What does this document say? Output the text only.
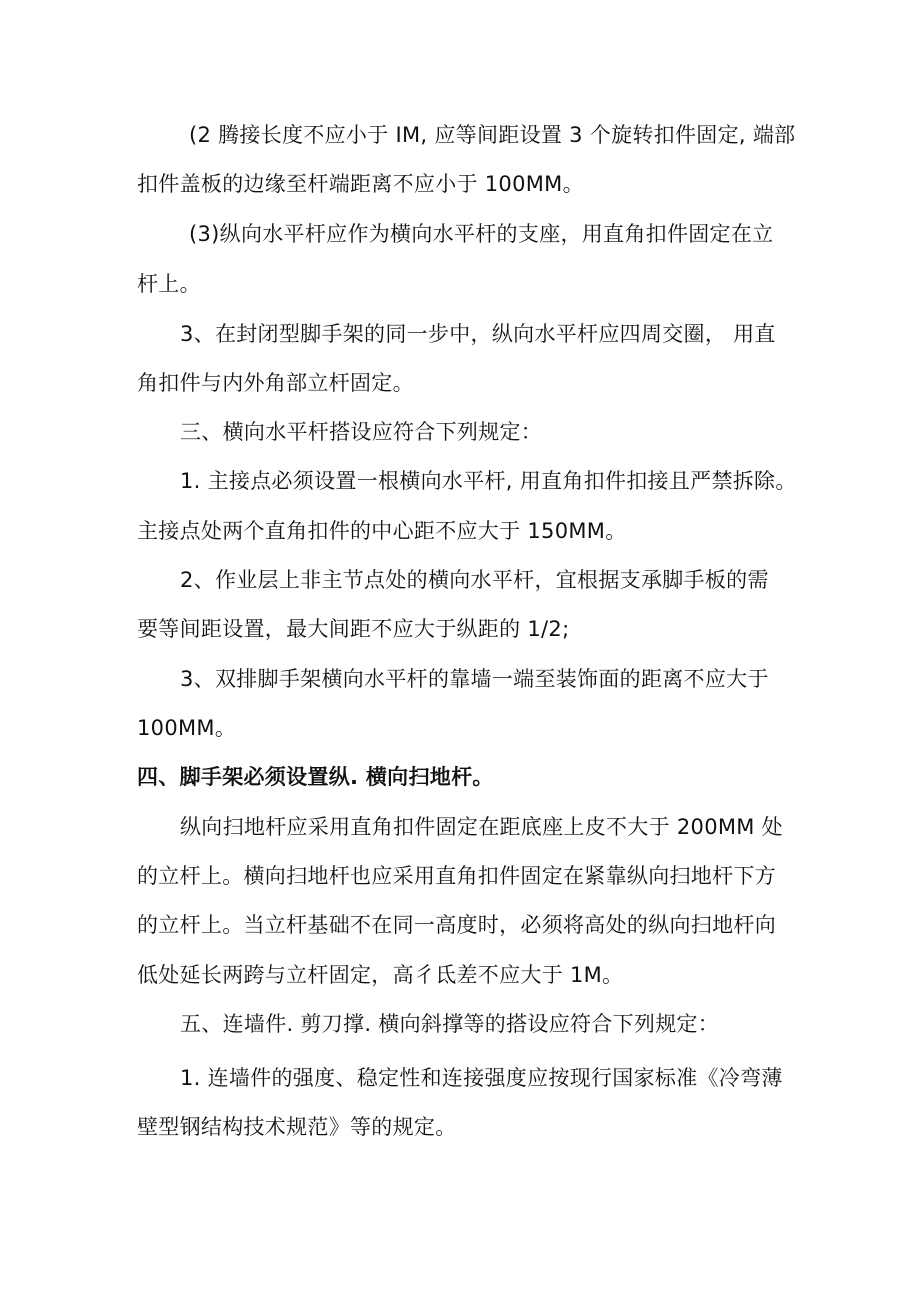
(2 腾接长度不应小于 IM, 应等间距设置 3 个旋转扣件固定, 端部
扣件盖板的边缘至杆端距离不应小于 100MM。
(3)纵向水平杆应作为横向水平杆的支座，用直角扣件固定在立
杆上。
3、在封闭型脚手架的同一步中，纵向水平杆应四周交圈， 用直
角扣件与内外角部立杆固定。
三、横向水平杆搭设应符合下列规定：
1. 主接点必须设置一根横向水平杆, 用直角扣件扣接且严禁拆除。
主接点处两个直角扣件的中心距不应大于 150MM。
2、作业层上非主节点处的横向水平杆，宜根据支承脚手板的需
要等间距设置，最大间距不应大于纵距的 1/2;
3、双排脚手架横向水平杆的靠墙一端至装饰面的距离不应大于
100MM。
四、脚手架必须设置纵. 横向扫地杆。
纵向扫地杆应采用直角扣件固定在距底座上皮不大于 200MM 处
的立杆上。横向扫地杆也应采用直角扣件固定在紧靠纵向扫地杆下方
的立杆上。当立杆基础不在同一高度时，必须将高处的纵向扫地杆向
低处延长两跨与立杆固定，高彳氐差不应大于 1M。
五、连墙件. 剪刀撑. 横向斜撑等的搭设应符合下列规定：
1. 连墙件的强度、稳定性和连接强度应按现行国家标准《冷弯薄
壁型钢结构技术规范》等的规定。
